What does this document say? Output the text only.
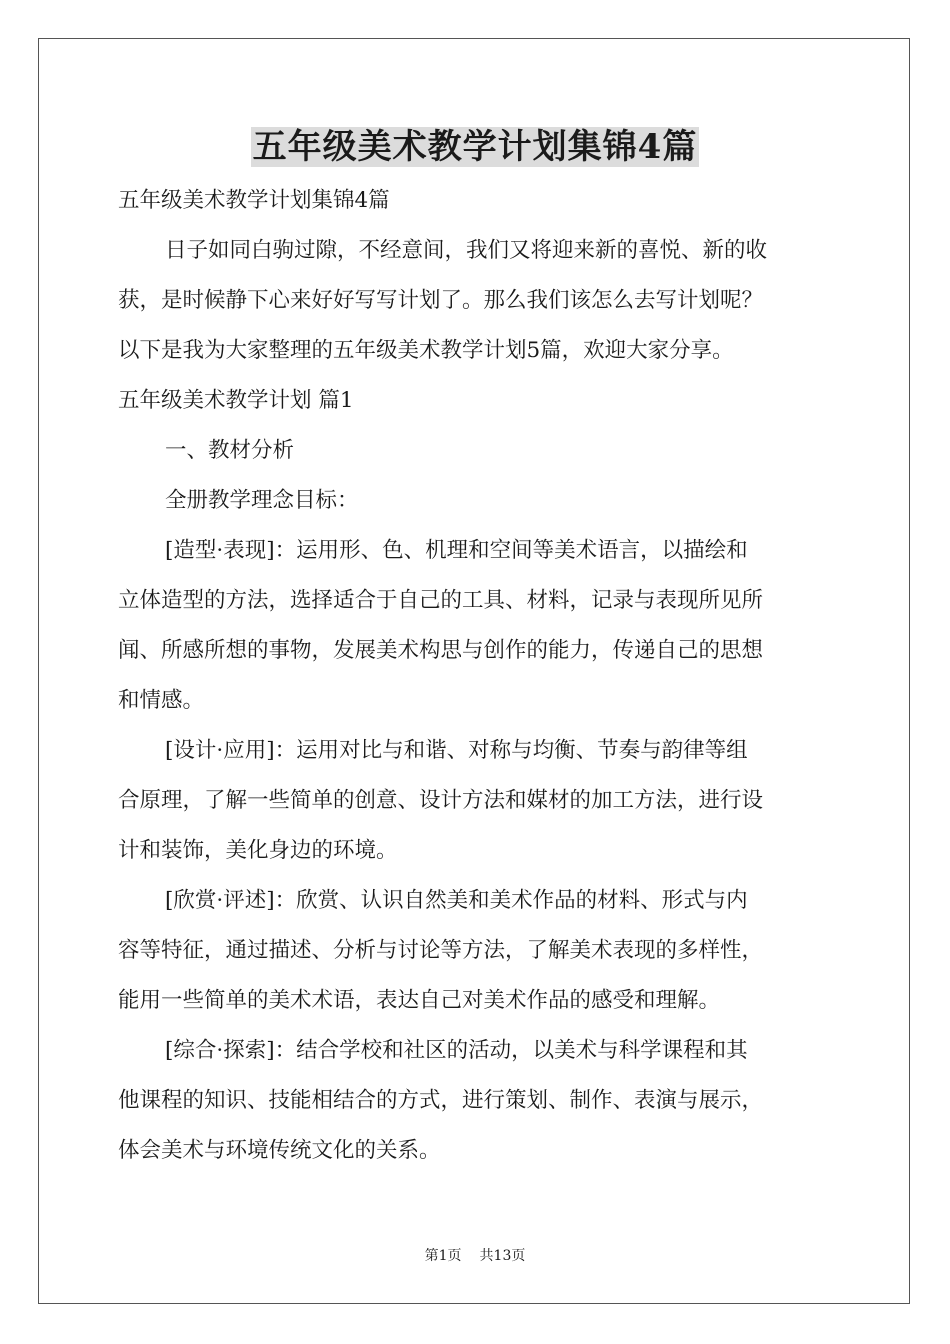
五年级美术教学计划集锦4篇

五年级美术教学计划集锦4篇

日子如同白驹过隙，不经意间，我们又将迎来新的喜悦、新的收

获，是时候静下心来好好写写计划了。那么我们该怎么去写计划呢？

以下是我为大家整理的五年级美术教学计划5篇，欢迎大家分享。

五年级美术教学计划 篇1

一、教材分析

全册教学理念目标：

[造型·表现]：运用形、色、机理和空间等美术语言，以描绘和

立体造型的方法，选择适合于自己的工具、材料，记录与表现所见所

闻、所感所想的事物，发展美术构思与创作的能力，传递自己的思想

和情感。

[设计·应用]：运用对比与和谐、对称与均衡、节奏与韵律等组

合原理，了解一些简单的创意、设计方法和媒材的加工方法，进行设

计和装饰，美化身边的环境。

[欣赏·评述]：欣赏、认识自然美和美术作品的材料、形式与内

容等特征，通过描述、分析与讨论等方法，了解美术表现的多样性，

能用一些简单的美术术语，表达自己对美术作品的感受和理解。

[综合·探索]：结合学校和社区的活动，以美术与科学课程和其

他课程的知识、技能相结合的方式，进行策划、制作、表演与展示，

体会美术与环境传统文化的关系。

第1页 共13页
